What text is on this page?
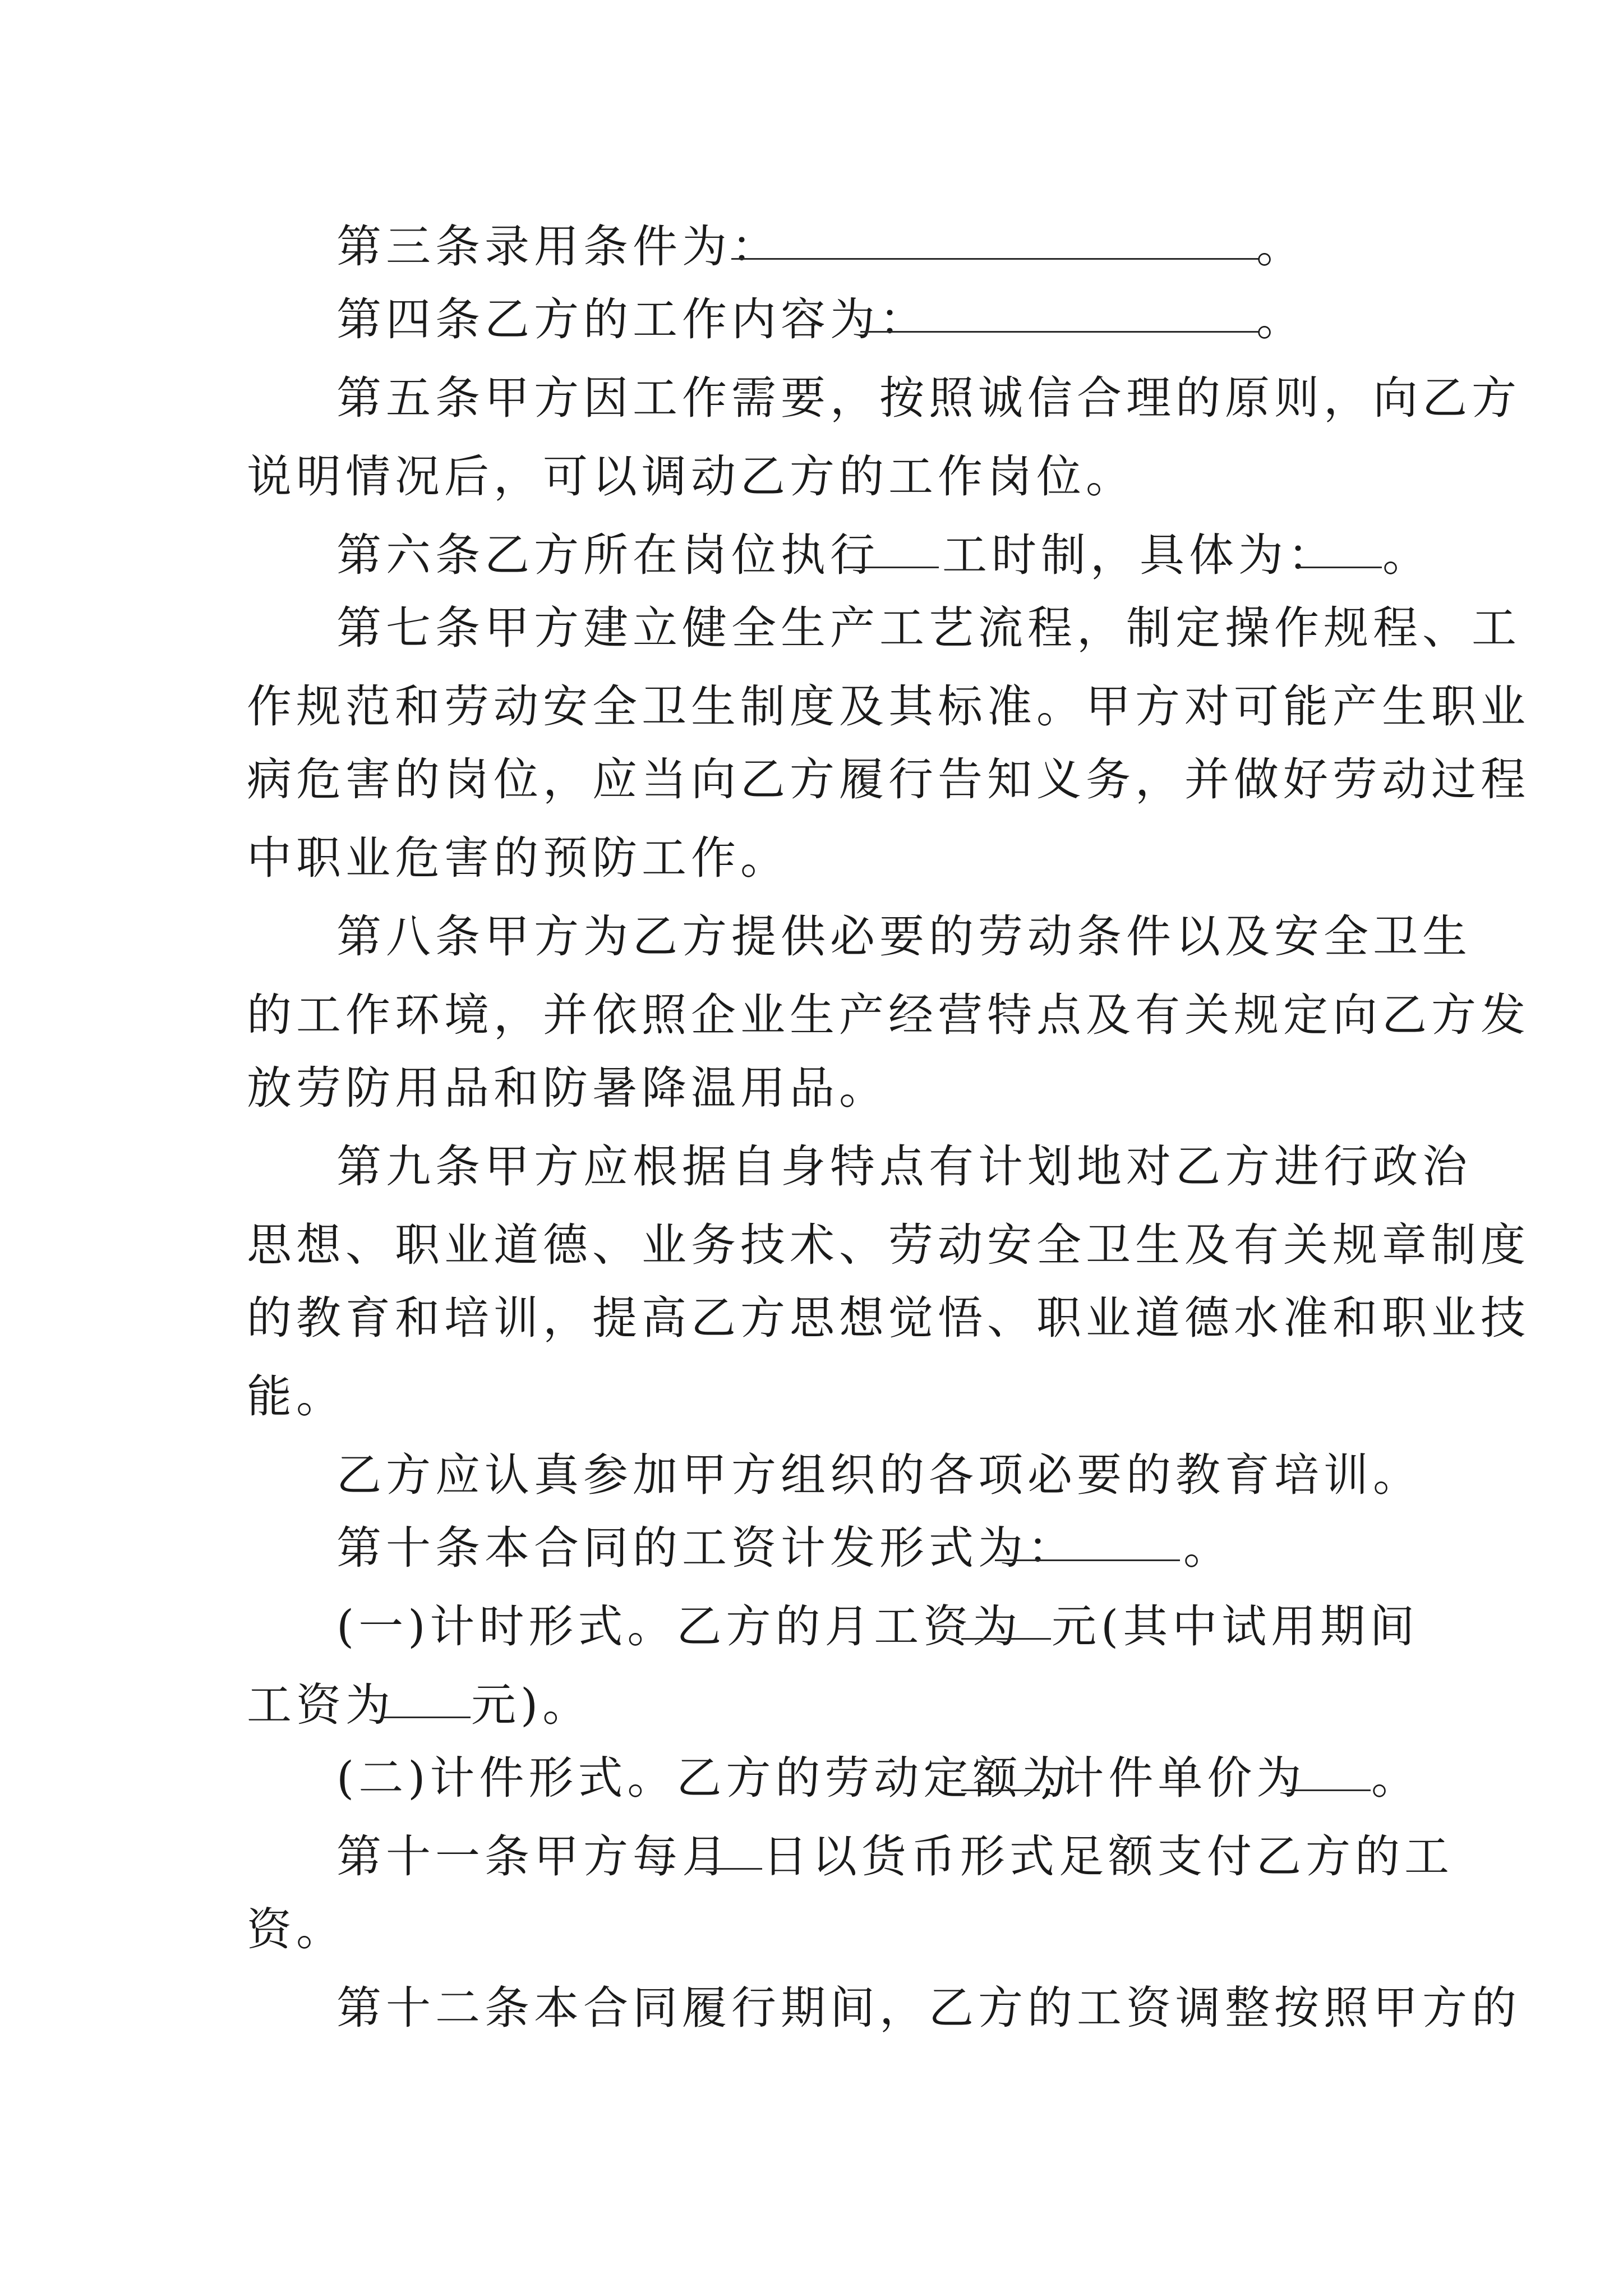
第三条录用条件为：	。
第四条乙方的工作内容为：	。
第五条甲方因工作需要，按照诚信合理的原则，向乙方
说明情况后，可以调动乙方的工作岗位。
第六条乙方所在岗位执行 工时制，具体为： 。
第七条甲方建立健全生产工艺流程，制定操作规程、工
作规范和劳动安全卫生制度及其标准。甲方对可能产生职业
病危害的岗位，应当向乙方履行告知义务，并做好劳动过程
中职业危害的预防工作。
第八条甲方为乙方提供必要的劳动条件以及安全卫生
的工作环境，并依照企业生产经营特点及有关规定向乙方发
放劳防用品和防暑降温用品。
第九条甲方应根据自身特点有计划地对乙方进行政治
思想、职业道德、业务技术、劳动安全卫生及有关规章制度
的教育和培训，提高乙方思想觉悟、职业道德水准和职业技
能。
乙方应认真参加甲方组织的各项必要的教育培训。
第十条本合同的工资计发形式为： 。
(一)计时形式。乙方的月工资为 元(其中试用期间
工资为 元)。
(二)计件形式。乙方的劳动定额为
,计件单价为 。
第十一条甲方每月 日以货币形式足额支付乙方的工
资。
第十二条本合同履行期间，乙方的工资调整按照甲方的
